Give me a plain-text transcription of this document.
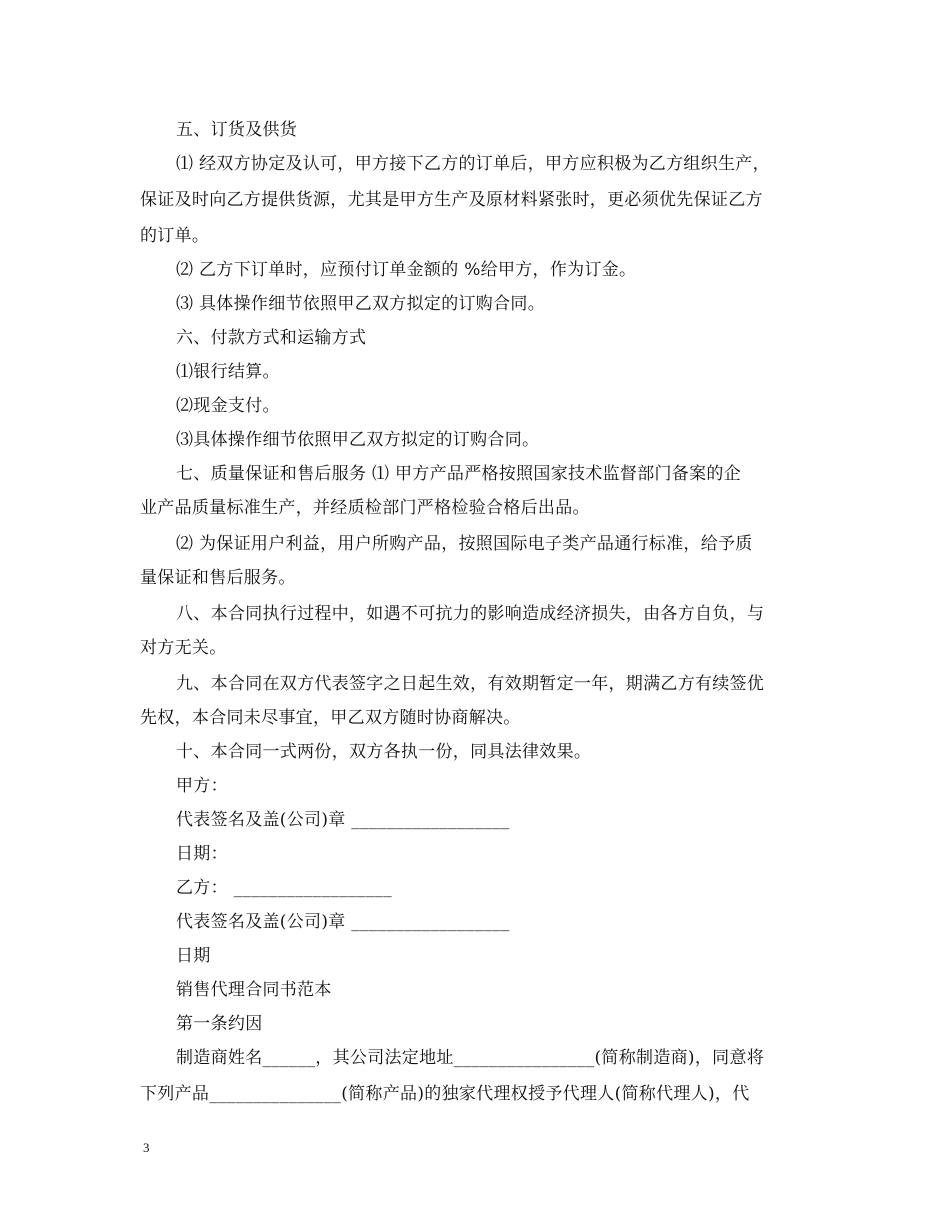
五、订货及供货
⑴ 经双方协定及认可，甲方接下乙方的订单后，甲方应积极为乙方组织生产，
保证及时向乙方提供货源，尤其是甲方生产及原材料紧张时，更必须优先保证乙方
的订单。
⑵ 乙方下订单时，应预付订单金额的 %给甲方，作为订金。
⑶ 具体操作细节依照甲乙双方拟定的订购合同。
六、付款方式和运输方式
⑴银行结算。
⑵现金支付。
⑶具体操作细节依照甲乙双方拟定的订购合同。
七、质量保证和售后服务 ⑴ 甲方产品严格按照国家技术监督部门备案的企
业产品质量标准生产，并经质检部门严格检验合格后出品。
⑵ 为保证用户利益，用户所购产品，按照国际电子类产品通行标准，给予质
量保证和售后服务。
八、本合同执行过程中，如遇不可抗力的影响造成经济损失，由各方自负，与
对方无关。
九、本合同在双方代表签字之日起生效，有效期暂定一年，期满乙方有续签优
先权，本合同未尽事宜，甲乙双方随时协商解决。
十、本合同一式两份，双方各执一份，同具法律效果。
甲方：
代表签名及盖(公司)章 __________________
日期：
乙方： __________________
代表签名及盖(公司)章 __________________
日期
销售代理合同书范本
第一条约因
制造商姓名______，其公司法定地址________________(简称制造商)，同意将
下列产品_______________(简称产品)的独家代理权授予代理人(简称代理人)，代
3
